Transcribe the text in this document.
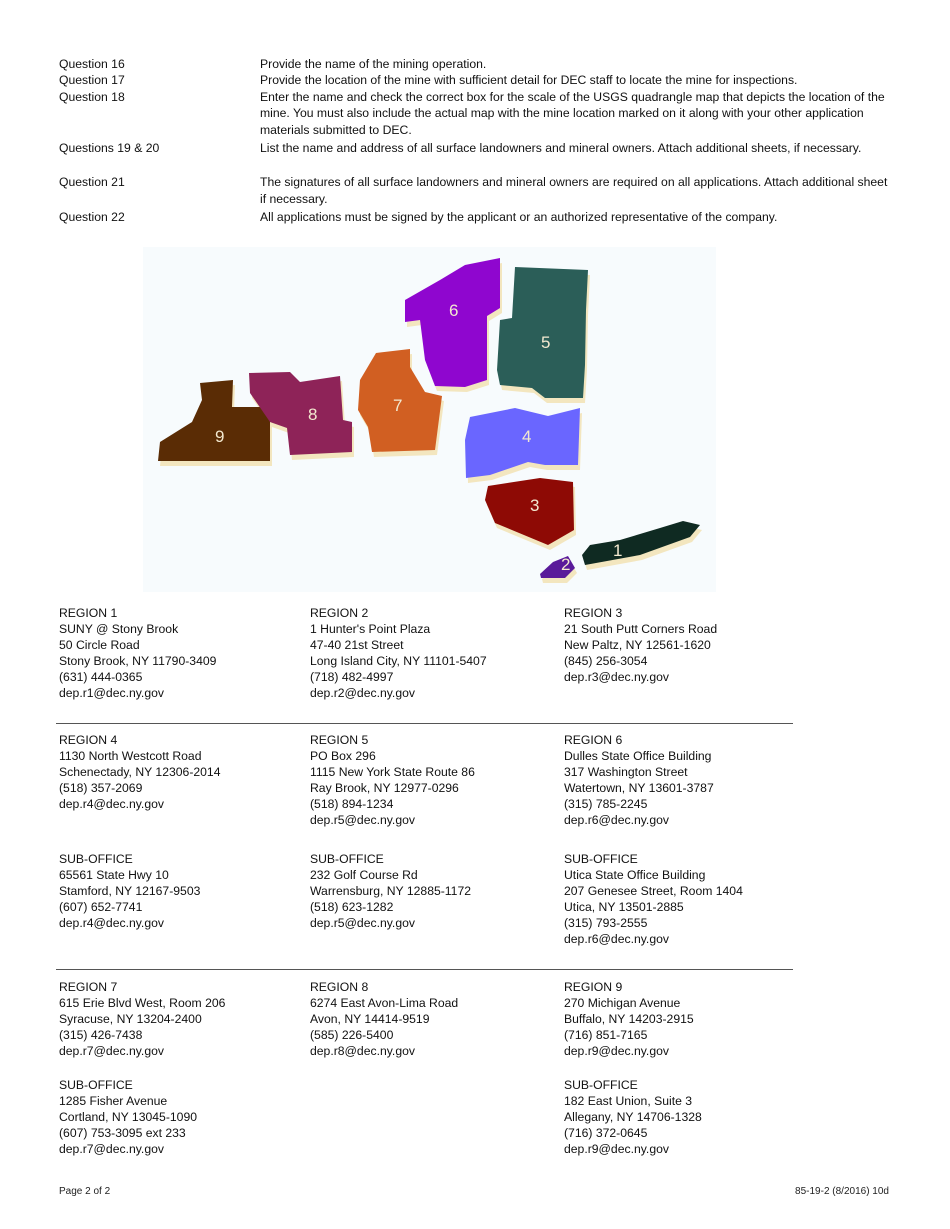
Question 16	Provide the name of the mining operation.
Question 17	Provide the location of the mine with sufficient detail for DEC staff to locate the mine for inspections.
Question 18	Enter the name and check the correct box for the scale of the USGS quadrangle map that depicts the location of the mine. You must also include the actual map with the mine location marked on it along with your other application materials submitted to DEC.
Questions 19 & 20	List the name and address of all surface landowners and mineral owners. Attach additional sheets, if necessary.
Question 21	The signatures of all surface landowners and mineral owners are required on all applications. Attach additional sheet if necessary.
Question 22	All applications must be signed by the applicant or an authorized representative of the company.
9
8	7
6
5
4
3
2
1
REGION 1
SUNY @ Stony Brook
50 Circle Road
Stony Brook, NY 11790-3409
(631) 444-0365
dep.r1@dec.ny.gov
REGION 2
1 Hunter's Point Plaza
47-40 21st Street
Long Island City, NY 11101-5407
(718) 482-4997
dep.r2@dec.ny.gov
REGION 3
21 South Putt Corners Road
New Paltz, NY 12561-1620
(845) 256-3054
dep.r3@dec.ny.gov
REGION 4
1130 North Westcott Road
Schenectady, NY 12306-2014
(518) 357-2069
dep.r4@dec.ny.gov
REGION 5
PO Box 296
1115 New York State Route 86
Ray Brook, NY 12977-0296
(518) 894-1234
dep.r5@dec.ny.gov
REGION 6
Dulles State Office Building
317 Washington Street
Watertown, NY 13601-3787
(315) 785-2245
dep.r6@dec.ny.gov
SUB-OFFICE
65561 State Hwy 10
Stamford, NY 12167-9503
(607) 652-7741
dep.r4@dec.ny.gov
SUB-OFFICE
232 Golf Course Rd
Warrensburg, NY 12885-1172
(518) 623-1282
dep.r5@dec.ny.gov
SUB-OFFICE
Utica State Office Building
207 Genesee Street, Room 1404
Utica, NY 13501-2885
(315) 793-2555
dep.r6@dec.ny.gov
REGION 7
615 Erie Blvd West, Room 206
Syracuse, NY 13204-2400
(315) 426-7438
dep.r7@dec.ny.gov
REGION 8
6274 East Avon-Lima Road
Avon, NY 14414-9519
(585) 226-5400
dep.r8@dec.ny.gov
REGION 9
270 Michigan Avenue
Buffalo, NY 14203-2915
(716) 851-7165
dep.r9@dec.ny.gov
SUB-OFFICE
1285 Fisher Avenue
Cortland, NY 13045-1090
(607) 753-3095 ext 233
dep.r7@dec.ny.gov
SUB-OFFICE
182 East Union, Suite 3
Allegany, NY 14706-1328
(716) 372-0645
dep.r9@dec.ny.gov
Page 2 of 2	85-19-2 (8/2016) 10d
